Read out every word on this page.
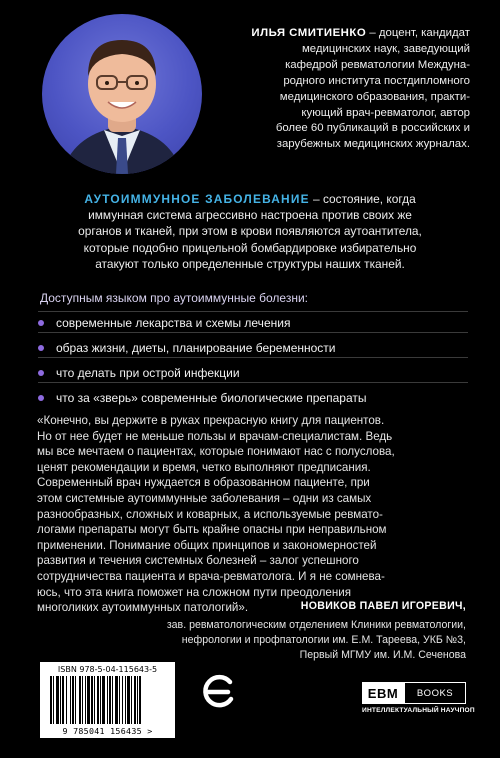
ИЛЬЯ СМИТИЕНКО – доцент, кандидат
медицинских наук, заведующий
кафедрой ревматологии Междуна-
родного института постдипломного
медицинского образования, практи-
кующий врач-ревматолог, автор
более 60 публикаций в российских и
зарубежных медицинских журналах.
АУТОИММУННОЕ ЗАБОЛЕВАНИЕ – состояние, когда
иммунная система агрессивно настроена против своих же
органов и тканей, при этом в крови появляются аутоантитела,
которые подобно прицельной бомбардировке избирательно
атакуют только определенные структуры наших тканей.
Доступным языком про аутоиммунные болезни:
современные лекарства и схемы лечения
образ жизни, диеты, планирование беременности
что делать при острой инфекции
что за «зверь» современные биологические препараты
«Конечно, вы держите в руках прекрасную книгу для пациентов.
Но от нее будет не меньше пользы и врачам-специалистам. Ведь
мы все мечтаем о пациентах, которые понимают нас с полуслова,
ценят рекомендации и время, четко выполняют предписания.
Современный врач нуждается в образованном пациенте, при
этом системные аутоиммунные заболевания – одни из самых
разнообразных, сложных и коварных, а используемые ревмато-
логами препараты могут быть крайне опасны при неправильном
применении. Понимание общих принципов и закономерностей
развития и течения системных болезней – залог успешного
сотрудничества пациента и врача-ревматолога. И я не сомнева-
юсь, что эта книга поможет на сложном пути преодоления
многоликих аутоиммунных патологий».	НОВИКОВ ПАВЕЛ ИГОРЕВИЧ,
зав. ревматологическим отделением Клиники ревматологии,
нефрологии и профпатологии им. Е.М. Тареева, УКБ №3,
Первый МГМУ им. И.М. Сеченова
ISBN 978-5-04-115643-5
9 785041 156435 >
EBM	BOOKS
ИНТЕЛЛЕКТУАЛЬНЫЙ НАУЧПОП
